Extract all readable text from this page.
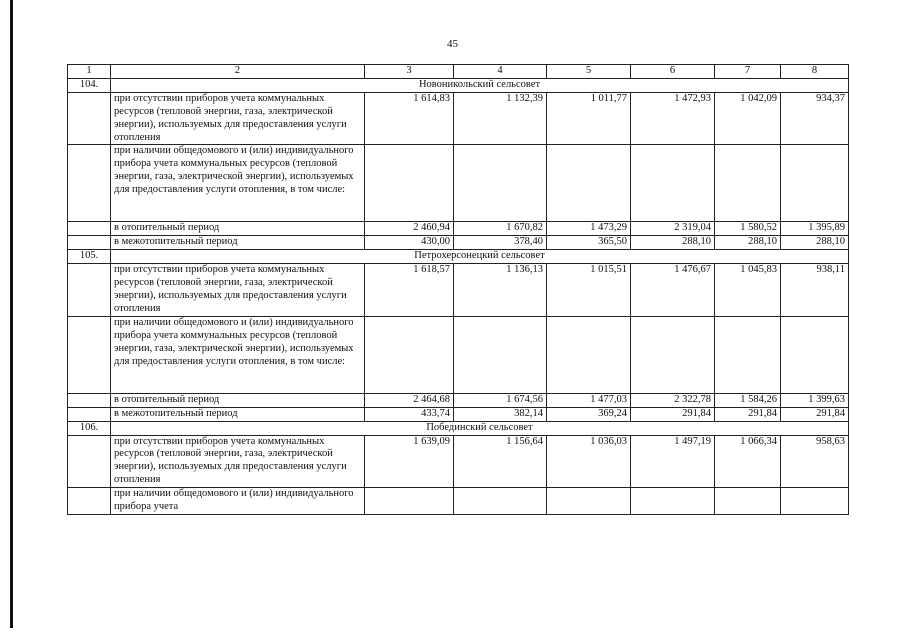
45
1	2	3	4	5	6	7	8
104.	Новоникольский сельсовет						
	при отсутствии приборов учета коммунальных ресурсов (тепловой энергии, газа, электрической энергии), используемых для предоставления услуги отопления	1 614,83	1 132,39	1 011,77	1 472,93	1 042,09	934,37
	при наличии общедомового и (или) индивидуального прибора учета коммунальных ресурсов (тепловой энергии, газа, электрической энергии), используемых для предоставления услуги отопления, в том числе:						
	в отопительный период	2 460,94	1 670,82	1 473,29	2 319,04	1 580,52	1 395,89
	в межотопительный период	430,00	378,40	365,50	288,10	288,10	288,10
105.	Петрохерсонецкий сельсовет						
	при отсутствии приборов учета коммунальных ресурсов (тепловой энергии, газа, электрической энергии), используемых для предоставления услуги отопления	1 618,57	1 136,13	1 015,51	1 476,67	1 045,83	938,11
	при наличии общедомового и (или) индивидуального прибора учета коммунальных ресурсов (тепловой энергии, газа, электрической энергии), используемых для предоставления услуги отопления, в том числе:						
	в отопительный период	2 464,68	1 674,56	1 477,03	2 322,78	1 584,26	1 399,63
	в межотопительный период	433,74	382,14	369,24	291,84	291,84	291,84
106.	Побединский сельсовет						
	при отсутствии приборов учета коммунальных ресурсов (тепловой энергии, газа, электрической энергии), используемых для предоставления услуги отопления	1 639,09	1 156,64	1 036,03	1 497,19	1 066,34	958,63
	при наличии общедомового и (или) индивидуального прибора учета						
